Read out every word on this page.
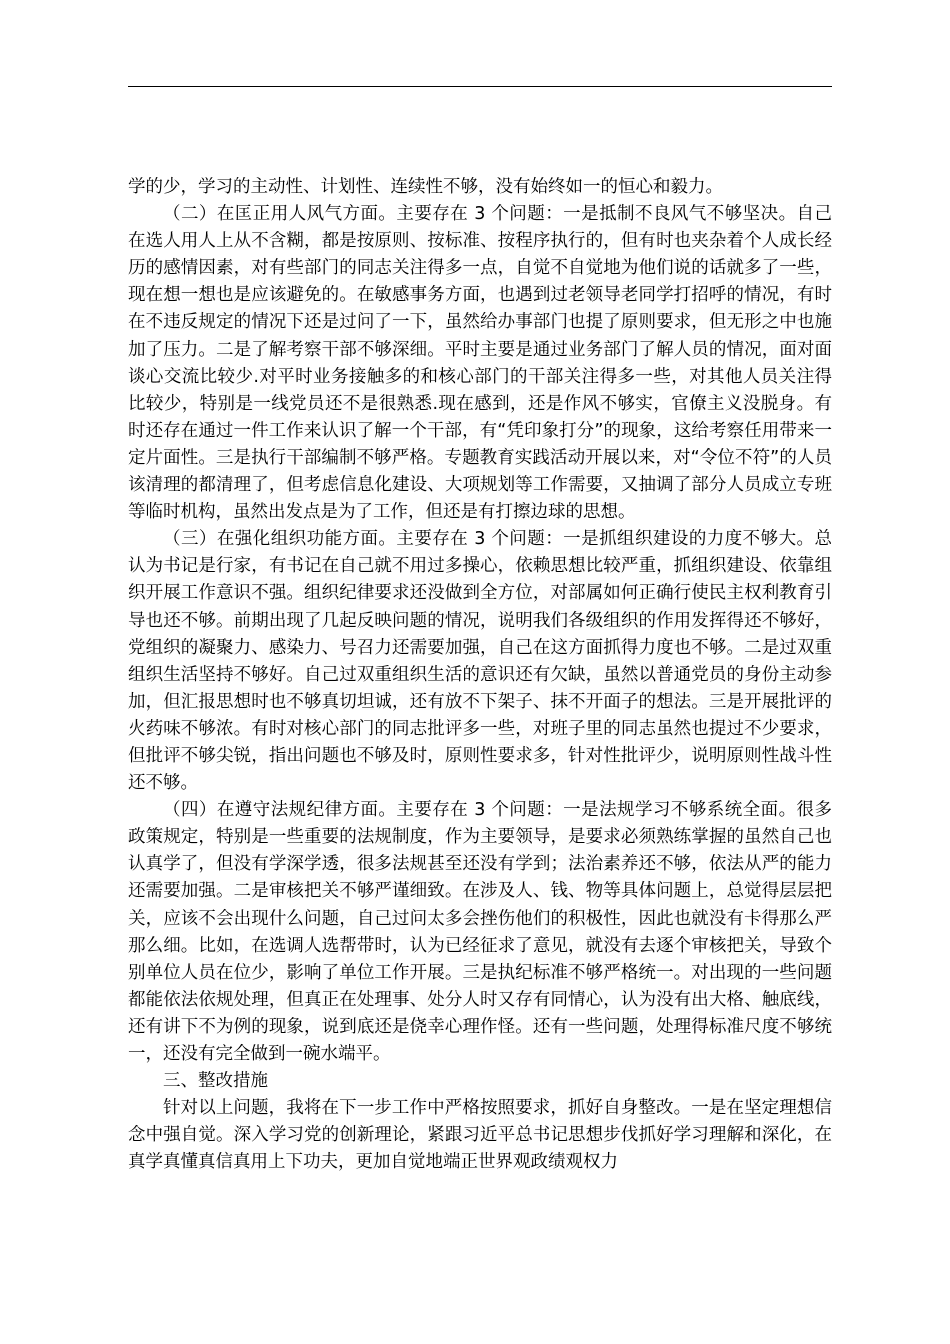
学的少，学习的主动性、计划性、连续性不够，没有始终如一的恒心和毅力。

（二）在匡正用人风气方面。主要存在 3 个问题：一是抵制不良风气不够坚决。自己在选人用人上从不含糊，都是按原则、按标准、按程序执行的，但有时也夹杂着个人成长经历的感情因素，对有些部门的同志关注得多一点，自觉不自觉地为他们说的话就多了一些，现在想一想也是应该避免的。在敏感事务方面，也遇到过老领导老同学打招呼的情况，有时在不违反规定的情况下还是过问了一下，虽然给办事部门也提了原则要求，但无形之中也施加了压力。二是了解考察干部不够深细。平时主要是通过业务部门了解人员的情况，面对面谈心交流比较少.对平时业务接触多的和核心部门的干部关注得多一些，对其他人员关注得比较少，特别是一线党员还不是很熟悉.现在感到，还是作风不够实，官僚主义没脱身。有时还存在通过一件工作来认识了解一个干部，有“凭印象打分”的现象，这给考察任用带来一定片面性。三是执行干部编制不够严格。专题教育实践活动开展以来，对“令位不符”的人员该清理的都清理了，但考虑信息化建设、大项规划等工作需要，又抽调了部分人员成立专班等临时机构，虽然出发点是为了工作，但还是有打擦边球的思想。

（三）在强化组织功能方面。主要存在 3 个问题：一是抓组织建设的力度不够大。总认为书记是行家，有书记在自己就不用过多操心，依赖思想比较严重，抓组织建设、依靠组织开展工作意识不强。组织纪律要求还没做到全方位，对部属如何正确行使民主权利教育引导也还不够。前期出现了几起反映问题的情况，说明我们各级组织的作用发挥得还不够好，党组织的凝聚力、感染力、号召力还需要加强，自己在这方面抓得力度也不够。二是过双重组织生活坚持不够好。自己过双重组织生活的意识还有欠缺，虽然以普通党员的身份主动参加，但汇报思想时也不够真切坦诚，还有放不下架子、抹不开面子的想法。三是开展批评的火药味不够浓。有时对核心部门的同志批评多一些，对班子里的同志虽然也提过不少要求，但批评不够尖锐，指出问题也不够及时，原则性要求多，针对性批评少，说明原则性战斗性还不够。

（四）在遵守法规纪律方面。主要存在 3 个问题：一是法规学习不够系统全面。很多政策规定，特别是一些重要的法规制度，作为主要领导，是要求必须熟练掌握的虽然自己也认真学了，但没有学深学透，很多法规甚至还没有学到；法治素养还不够，依法从严的能力还需要加强。二是审核把关不够严谨细致。在涉及人、钱、物等具体问题上，总觉得层层把关，应该不会出现什么问题，自己过问太多会挫伤他们的积极性，因此也就没有卡得那么严那么细。比如，在选调人选帮带时，认为已经征求了意见，就没有去逐个审核把关，导致个别单位人员在位少，影响了单位工作开展。三是执纪标准不够严格统一。对出现的一些问题都能依法依规处理，但真正在处理事、处分人时又存有同情心，认为没有出大格、触底线，还有讲下不为例的现象，说到底还是侥幸心理作怪。还有一些问题，处理得标准尺度不够统一，还没有完全做到一碗水端平。

三、整改措施

针对以上问题，我将在下一步工作中严格按照要求，抓好自身整改。一是在坚定理想信念中强自觉。深入学习党的创新理论，紧跟习近平总书记思想步伐抓好学习理解和深化，在真学真懂真信真用上下功夫，更加自觉地端正世界观政绩观权力
